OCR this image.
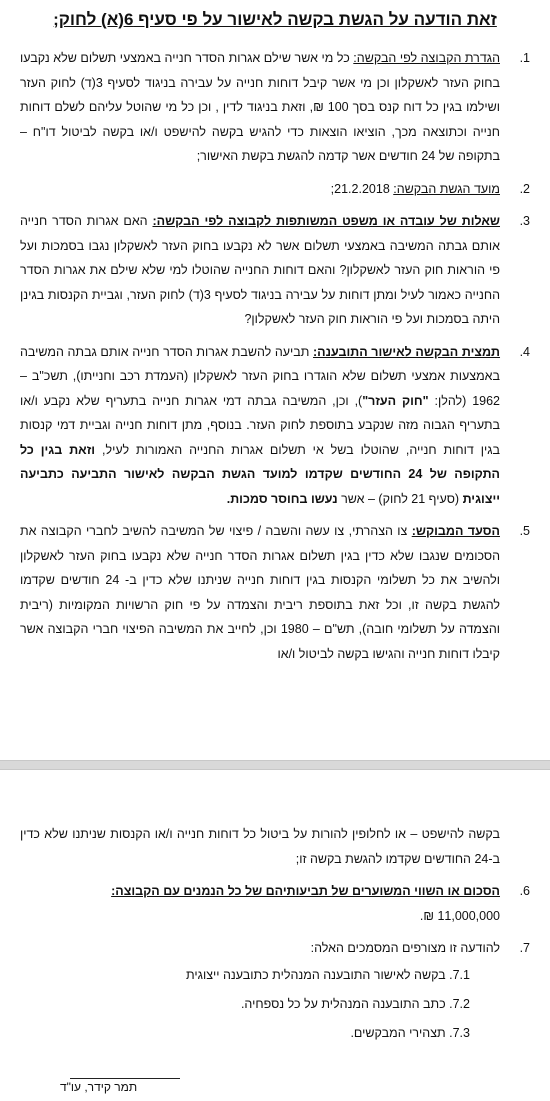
זאת הודעה על הגשת בקשה לאישור על פי סעיף 6(א) לחוק;
1.
הגדרת הקבוצה לפי הבקשה: כל מי אשר שילם אגרות הסדר חנייה באמצעי תשלום שלא נקבעו בחוק העזר לאשקלון וכן מי אשר קיבל דוחות חנייה על עבירה בניגוד לסעיף 3(ד) לחוק העזר ושילמו בגין כל דוח קנס בסך 100 ₪, וזאת בניגוד לדין , וכן כל מי שהוטל עליהם לשלם דוחות חנייה וכתוצאה מכך, הוציאו הוצאות כדי להגיש בקשה להישפט ו/או בקשה לביטול דו"ח – בתקופה של 24 חודשים אשר קדמה להגשת בקשת האישור;
2.
מועד הגשת הבקשה: 21.2.2018;
3.
שאלות של עובדה או משפט המשותפות לקבוצה לפי הבקשה: האם אגרות הסדר חנייה אותם גבתה המשיבה באמצעי תשלום אשר לא נקבעו בחוק העזר לאשקלון נגבו בסמכות ועל פי הוראות חוק העזר לאשקלון? והאם דוחות החנייה שהוטלו למי שלא שילם את אגרות הסדר החנייה כאמור לעיל ומתן דוחות על עבירה בניגוד לסעיף 3(ד) לחוק העזר, וגביית הקנסות בגינן היתה בסמכות ועל פי הוראות חוק העזר לאשקלון?
4.
תמצית הבקשה לאישור התובענה: תביעה להשבת אגרות הסדר חנייה אותם גבתה המשיבה באמצעות אמצעי תשלום שלא הוגדרו בחוק העזר לאשקלון (העמדת רכב וחנייתו), תשכ"ב – 1962 (להלן: "חוק העזר"), וכן, המשיבה גבתה דמי אגרות חנייה בתעריף שלא נקבע ו/או בתעריף הגבוה מזה שנקבע בתוספת לחוק העזר. בנוסף, מתן דוחות חנייה וגביית דמי קנסות בגין דוחות חנייה, שהוטלו בשל אי תשלום אגרות החנייה האמורות לעיל, וזאת בגין כל התקופה של 24 החודשים שקדמו למועד הגשת הבקשה לאישור התביעה כתביעה ייצוגית (סעיף 21 לחוק) – אשר נעשו בחוסר סמכות.
5.
הסעד המבוקש: צו הצהרתי, צו עשה והשבה / פיצוי של המשיבה להשיב לחברי הקבוצה את הסכומים שנגבו שלא כדין בגין תשלום אגרות הסדר חנייה שלא נקבעו בחוק העזר לאשקלון ולהשיב את כל תשלומי הקנסות בגין דוחות חנייה שניתנו שלא כדין ב- 24 חודשים שקדמו להגשת בקשה זו, וכל זאת בתוספת ריבית והצמדה על פי חוק הרשויות המקומיות (ריבית והצמדה על תשלומי חובה), תש"ם – 1980 וכן, לחייב את המשיבה הפיצוי חברי הקבוצה אשר קיבלו דוחות חנייה והגישו בקשה לביטול ו/או
בקשה להישפט – או לחלופין להורות על ביטול כל דוחות חנייה ו/או הקנסות שניתנו שלא כדין ב-24 החודשים שקדמו להגשת בקשה זו;
6.
הסכום או השווי המשוערים של תביעותיהם של כל הנמנים עם הקבוצה:
11,000,000 ₪.
7.
להודעה זו מצורפים המסמכים האלה:
7.1. בקשה לאישור התובענה המנהלית כתובענה ייצוגית
7.2. כתב התובענה המנהלית על כל נספחיה.
7.3. תצהירי המבקשים.
תמר קידר, עו"ד
